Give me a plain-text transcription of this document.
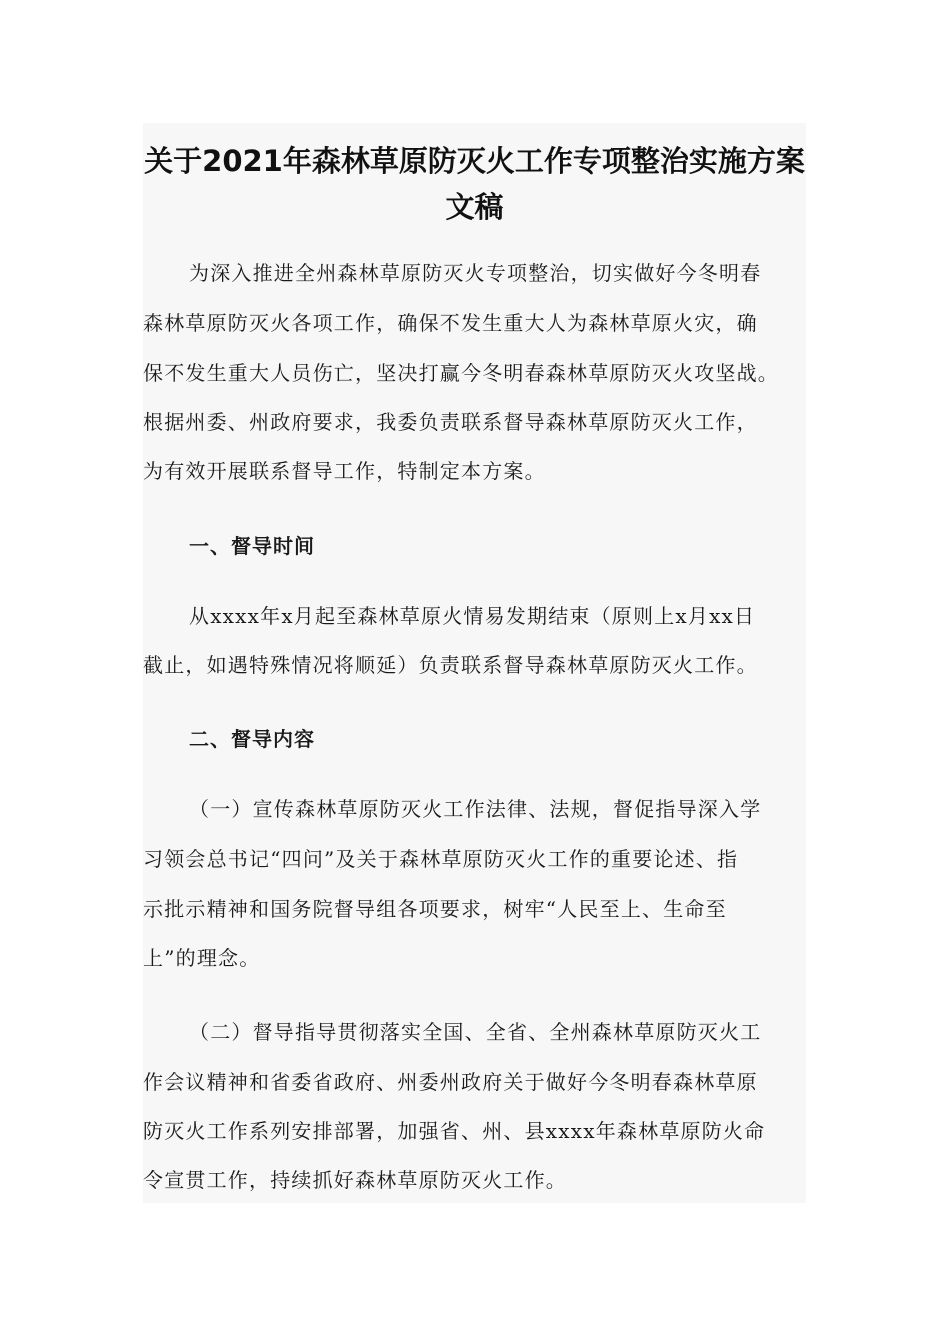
关于2021年森林草原防灭火工作专项整治实施方案
文稿
为深入推进全州森林草原防灭火专项整治，切实做好今冬明春
森林草原防灭火各项工作，确保不发生重大人为森林草原火灾，确
保不发生重大人员伤亡，坚决打赢今冬明春森林草原防灭火攻坚战。
根据州委、州政府要求，我委负责联系督导森林草原防灭火工作，
为有效开展联系督导工作，特制定本方案。
一、督导时间
从xxxx年x月起至森林草原火情易发期结束（原则上x月xx日
截止，如遇特殊情况将顺延）负责联系督导森林草原防灭火工作。
二、督导内容
（一）宣传森林草原防灭火工作法律、法规，督促指导深入学
习领会总书记“四问”及关于森林草原防灭火工作的重要论述、指
示批示精神和国务院督导组各项要求，树牢“人民至上、生命至
上”的理念。
（二）督导指导贯彻落实全国、全省、全州森林草原防灭火工
作会议精神和省委省政府、州委州政府关于做好今冬明春森林草原
防灭火工作系列安排部署，加强省、州、县xxxx年森林草原防火命
令宣贯工作，持续抓好森林草原防灭火工作。
